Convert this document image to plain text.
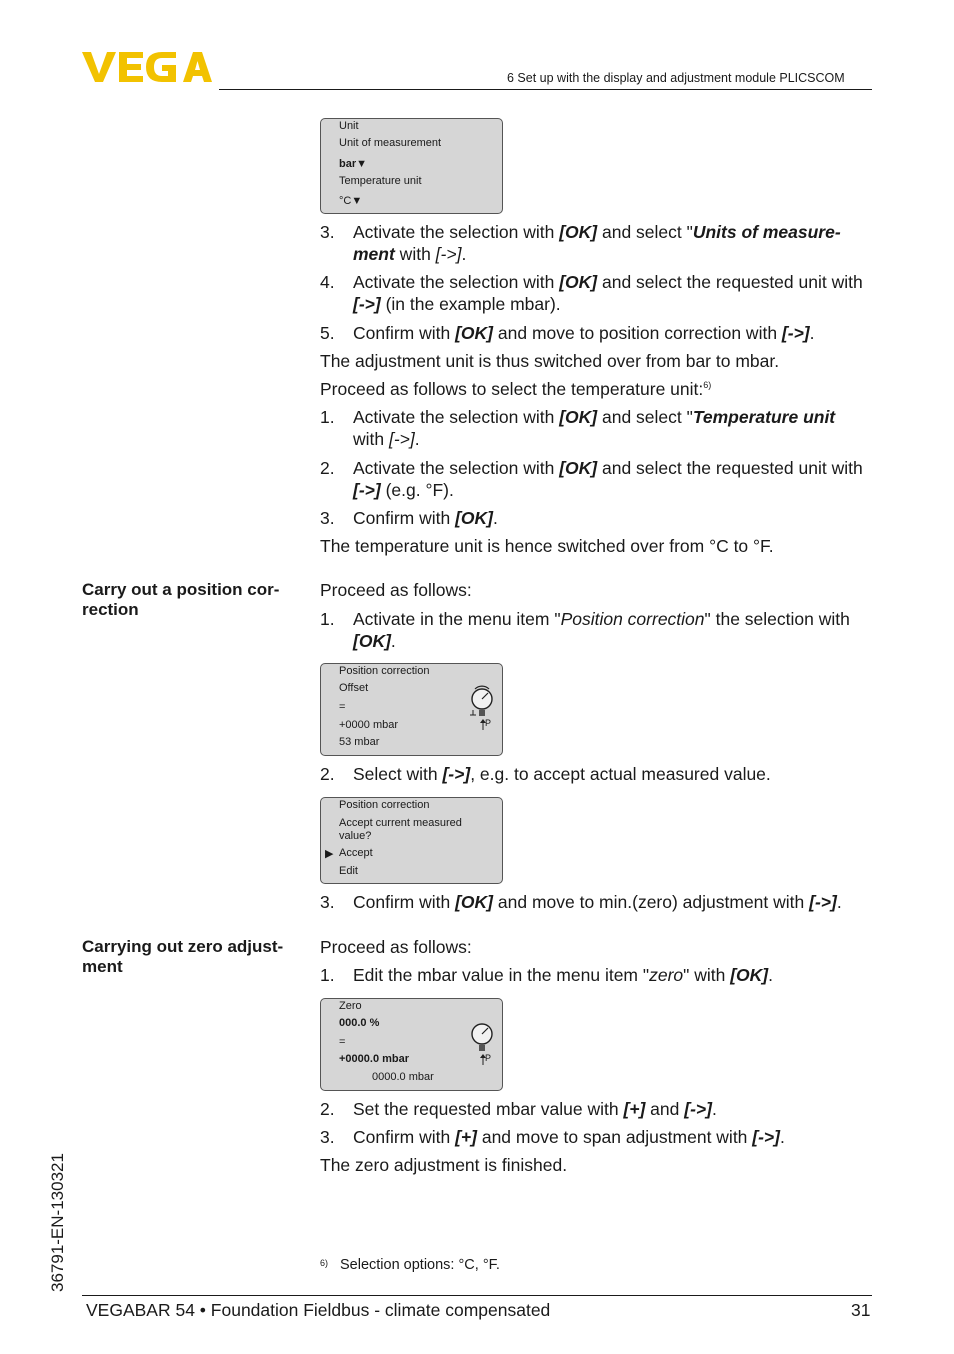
6 Set up with the display and adjustment module PLICSCOM
Unit
Unit of measurement
bar▼
Temperature unit
°C▼
3. Activate the selection with [OK] and select "Units of measure-
ment with [->].
4. Activate the selection with [OK] and select the requested unit with
[->] (in the example mbar).
5. Confirm with [OK] and move to position correction with [->].
The adjustment unit is thus switched over from bar to mbar.
Proceed as follows to select the temperature unit:$^{6)}$
1. Activate the selection with [OK] and select "Temperature unit
with [->].
2. Activate the selection with [OK] and select the requested unit with
[->] (e.g. °F).
3. Confirm with [OK].
The temperature unit is hence switched over from °C to °F.
Carry out a position cor-
rection
Proceed as follows:
1. Activate in the menu item "Position correction" the selection with
[OK].
Position correction
Offset
=
+0000 mbar
53 mbar
P
2. Select with [->], e.g. to accept actual measured value.
Position correction
Accept current measured
value?
▶ Accept
Edit
3. Confirm with [OK] and move to min.(zero) adjustment with [->].
Carrying out zero adjust-
ment
Proceed as follows:
1. Edit the mbar value in the menu item "zero" with [OK].
Zero
000.0 %
=
+0000.0 mbar
0000.0 mbar
P
2. Set the requested mbar value with [+] and [->].
3. Confirm with [+] and move to span adjustment with [->].
The zero adjustment is finished.
6) Selection options: °C, °F.
36791-EN-130321
VEGABAR 54 • Foundation Fieldbus - climate compensated	31
